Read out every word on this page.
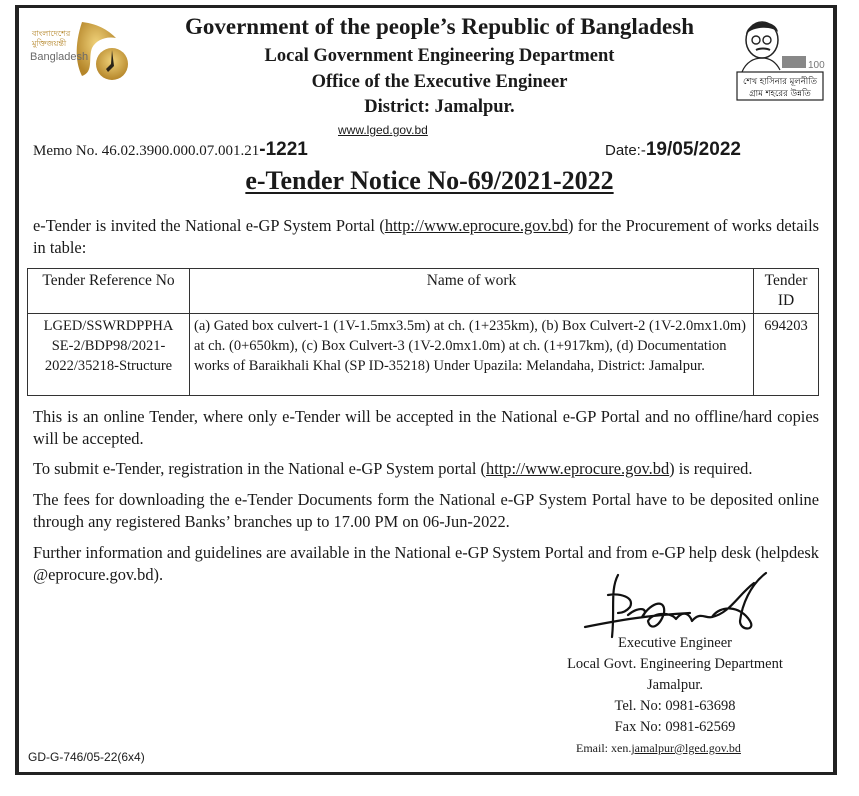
বাংলাদেশের
মুক্তিজয়ন্তী
Bangladesh
100
শেখ হাসিনার মূলনীতি
গ্রাম শহরের উন্নতি
Government of the people’s Republic of Bangladesh
Local Government Engineering Department
Office of the Executive Engineer
District: Jamalpur.
www.lged.gov.bd
Memo No. 46.02.3900.000.07.001.21-1221	Date:-19/05/2022
e-Tender Notice No-69/2021-2022
e-Tender is invited the National e-GP System Portal (http://www.eprocure.gov.bd) for the Procurement of works details in table:
Tender Reference No	Name of work	Tender ID

LGED/SSWRDPPHA SE-2/BDP98/2021-2022/35218-Structure	(a) Gated box culvert-1 (1V-1.5mx3.5m) at ch. (1+235km), (b) Box Culvert-2 (1V-2.0mx1.0m) at ch. (0+650km), (c) Box Culvert-3 (1V-2.0mx1.0m) at ch. (1+917km), (d) Documentation works of Baraikhali Khal (SP ID-35218) Under Upazila: Melandaha, District: Jamalpur.	694203
This is an online Tender, where only e-Tender will be accepted in the National e-GP Portal and no offline/hard copies will be accepted.
To submit e-Tender, registration in the National e-GP System portal (http://www.eprocure.gov.bd) is required.
The fees for downloading the e-Tender Documents form the National e-GP System Portal have to be deposited online through any registered Banks’ branches up to 17.00 PM on 06-Jun-2022.
Further information and guidelines are available in the National e-GP System Portal and from e-GP help desk (helpdesk @eprocure.gov.bd).
Executive Engineer
Local Govt. Engineering Department
Jamalpur.
Tel. No: 0981-63698
Fax No: 0981-62569
Email: xen.jamalpur@lged.gov.bd
GD-G-746/05-22(6x4)
